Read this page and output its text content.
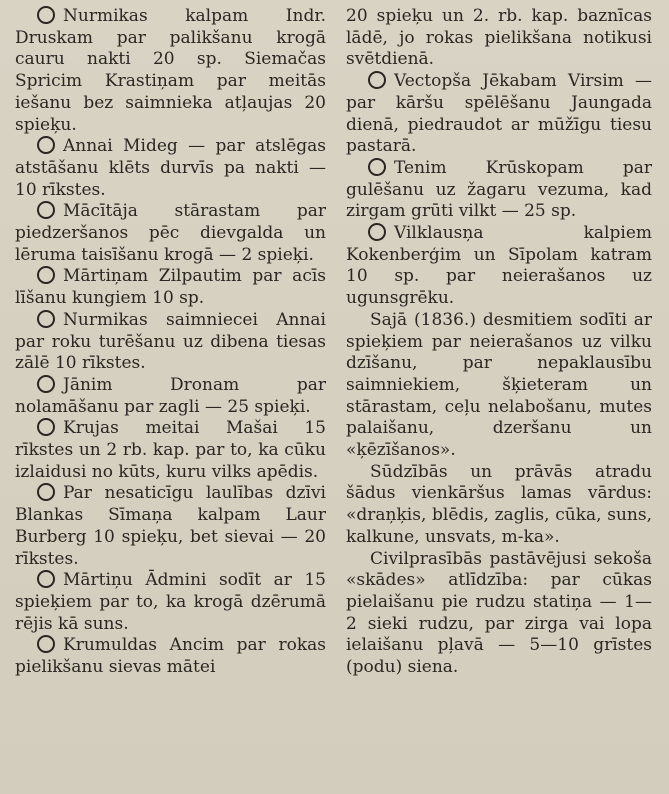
Nurmikas kalpam Indr. Druskam par palikšanu krogā cauru nakti 20 sp. Siemačas Spricim Krastiņam par meitās iešanu bez saimnieka atļaujas 20 spieķu.

Annai Mideg — par atslēgas atstāšanu klēts durvīs pa nakti — 10 rīkstes.

Mācītāja stārastam par piedzeršanos pēc dievgalda un lēruma taisīšanu krogā — 2 spieķi.

Mārtiņam Zilpautim par acīs līšanu kungiem 10 sp.

Nurmikas saimniecei Annai par roku turēšanu uz dibena tiesas zālē 10 rīkstes.

Jānim Dronam par nolamāšanu par zagli — 25 spieķi.

Krujas meitai Mašai 15 rīkstes un 2 rb. kap. par to, ka cūku izlaidusi no kūts, kuru vilks apēdis.

Par nesaticīgu laulības dzīvi Blankas Sīmaņa kalpam Laur Burberg 10 spieķu, bet sievai — 20 rīkstes.

Mārtiņu Ādmini sodīt ar 15 spieķiem par to, ka krogā dzērumā rējis kā suns.

Krumuldas Ancim par rokas pielikšanu sievas mātei

20 spieķu un 2. rb. kap. baznīcas lādē, jo rokas pielikšana notikusi svētdienā.

Vectopša Jēkabam Virsim — par kāršu spēlēšanu Jaungada dienā, piedraudot ar mūžīgu tiesu pastarā.

Tenim Krūskopam par gulēšanu uz žagaru vezuma, kad zirgam grūti vilkt — 25 sp.

Vilklausņa kalpiem Kokenberģim un Sīpolam katram 10 sp. par neierašanos uz ugunsgrēku.

Sajā (1836.) desmitiem sodīti ar spieķiem par neierašanos uz vilku dzīšanu, par nepaklausību saimniekiem, šķieteram un stārastam, ceļu nelabošanu, mutes palaišanu, dzeršanu un «ķēzīšanos».

Sūdzībās un prāvās atradu šādus vienkāršus lamas vārdus: «draņķis, blēdis, zaglis, cūka, suns, kalkune, unsvats, m-ka».

Civilprasībās pastāvējusi sekoša «skādes» atlīdzība: par cūkas pielaišanu pie rudzu statiņa — 1—2 sieki rudzu, par zirga vai lopa ielaišanu pļavā — 5—10 grīstes (podu) siena.
